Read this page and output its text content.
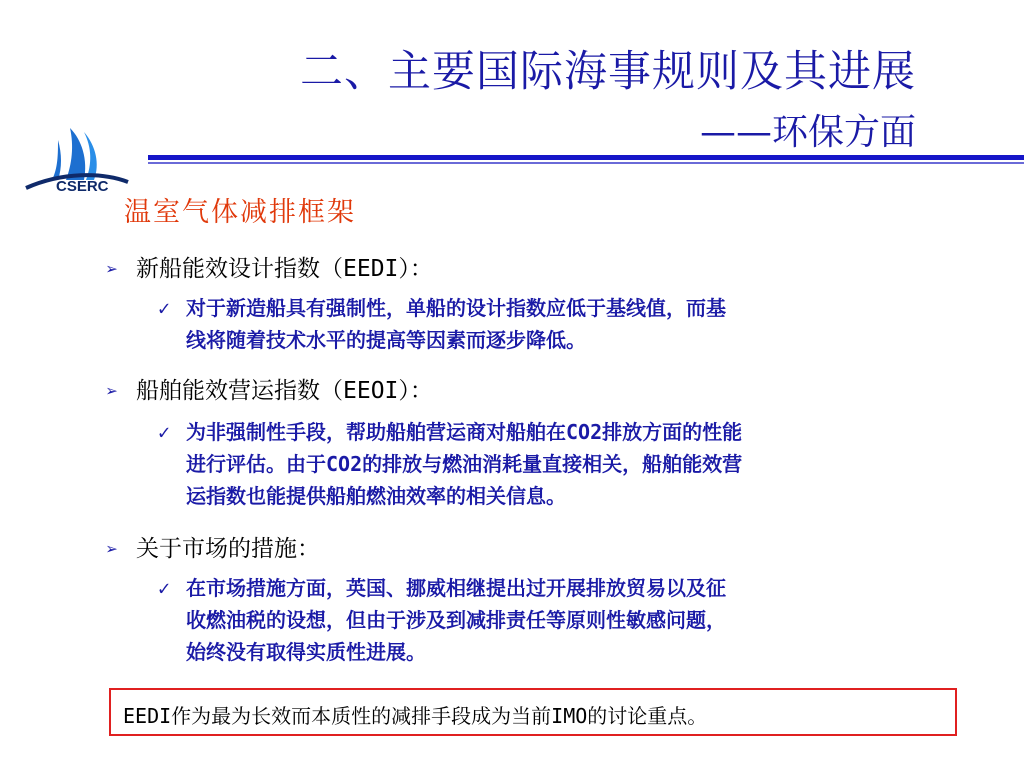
CSERC
二、主要国际海事规则及其进展
——环保方面
温室气体减排框架
➢ 新船能效设计指数（EEDI）：
✓ 对于新造船具有强制性，单船的设计指数应低于基线值，而基
线将随着技术水平的提高等因素而逐步降低。
➢ 船舶能效营运指数（EEOI）：
✓ 为非强制性手段，帮助船舶营运商对船舶在CO2排放方面的性能
进行评估。由于CO2的排放与燃油消耗量直接相关，船舶能效营
运指数也能提供船舶燃油效率的相关信息。
➢ 关于市场的措施：
✓ 在市场措施方面，英国、挪威相继提出过开展排放贸易以及征
收燃油税的设想，但由于涉及到减排责任等原则性敏感问题，
始终没有取得实质性进展。
EEDI作为最为长效而本质性的减排手段成为当前IMO的讨论重点。
